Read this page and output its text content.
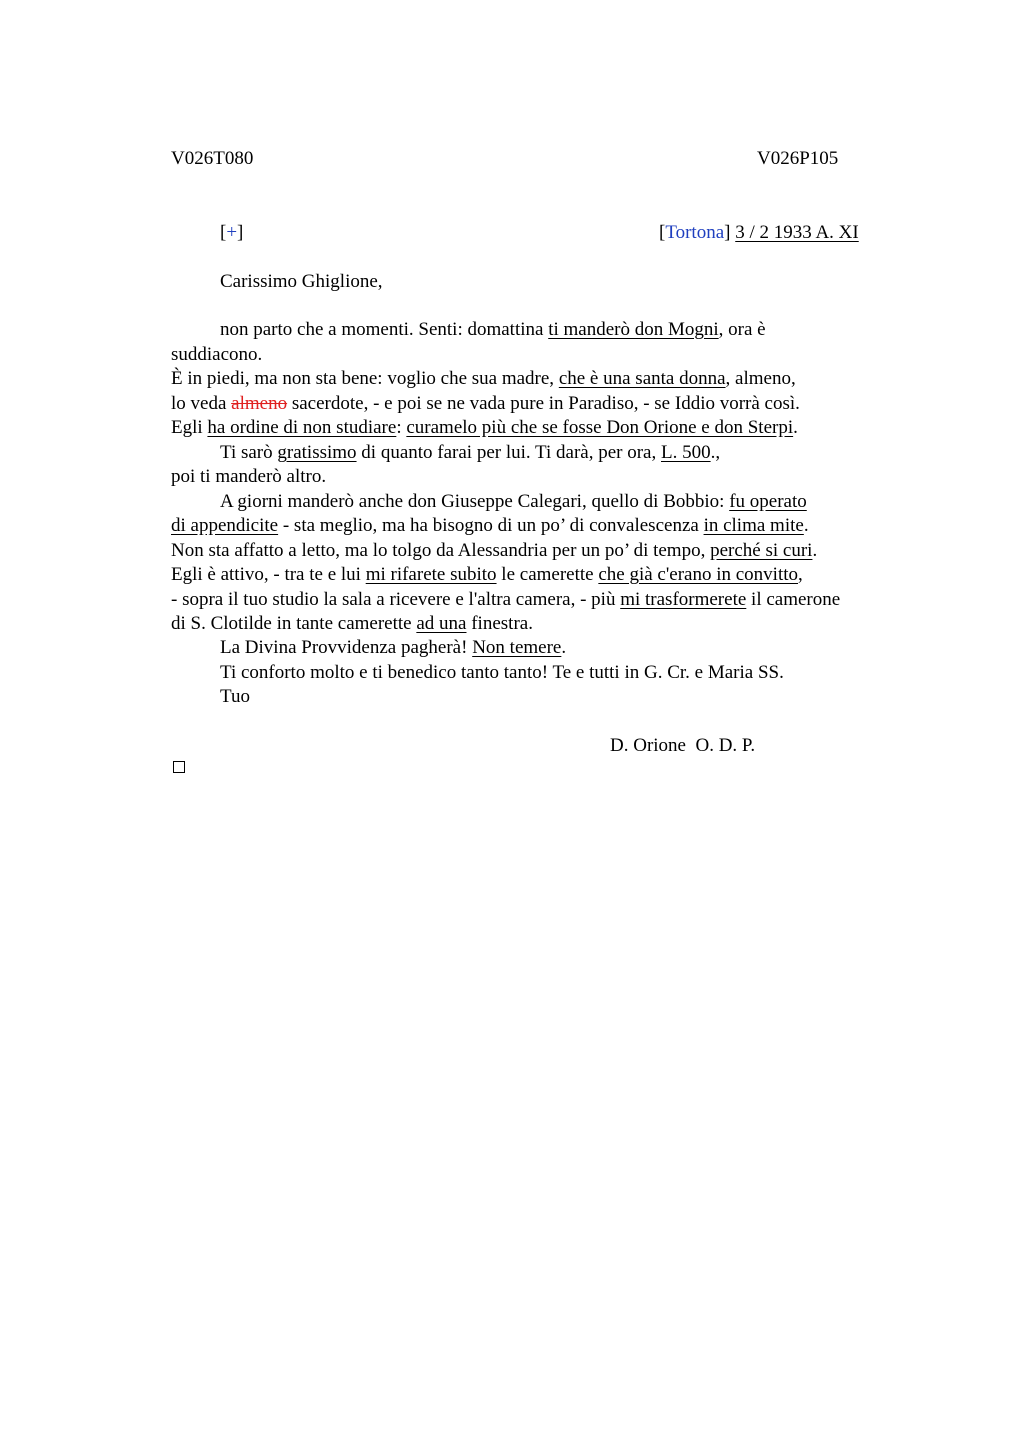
V026T080	V026P105
[+]	[Tortona] 3 / 2 1933 A. XI
Carissimo Ghiglione,
non parto che a momenti. Senti: domattina ti manderò don Mogni, ora è
suddiacono.
È in piedi, ma non sta bene: voglio che sua madre, che è una santa donna, almeno,
lo veda almeno sacerdote, - e poi se ne vada pure in Paradiso, - se Iddio vorrà così.
Egli ha ordine di non studiare: curamelo più che se fosse Don Orione e don Sterpi.
Ti sarò gratissimo di quanto farai per lui. Ti darà, per ora, L. 500.,
poi ti manderò altro.
A giorni manderò anche don Giuseppe Calegari, quello di Bobbio: fu operato
di appendicite - sta meglio, ma ha bisogno di un po’ di convalescenza in clima mite.
Non sta affatto a letto, ma lo tolgo da Alessandria per un po’ di tempo, perché si curi.
Egli è attivo, - tra te e lui mi rifarete subito le camerette che già c'erano in convitto,
- sopra il tuo studio la sala a ricevere e l'altra camera, - più mi trasformerete il camerone
di S. Clotilde in tante camerette ad una finestra.
La Divina Provvidenza pagherà! Non temere.
Ti conforto molto e ti benedico tanto tanto! Te e tutti in G. Cr. e Maria SS.
Tuo
D. Orione  O. D. P.
